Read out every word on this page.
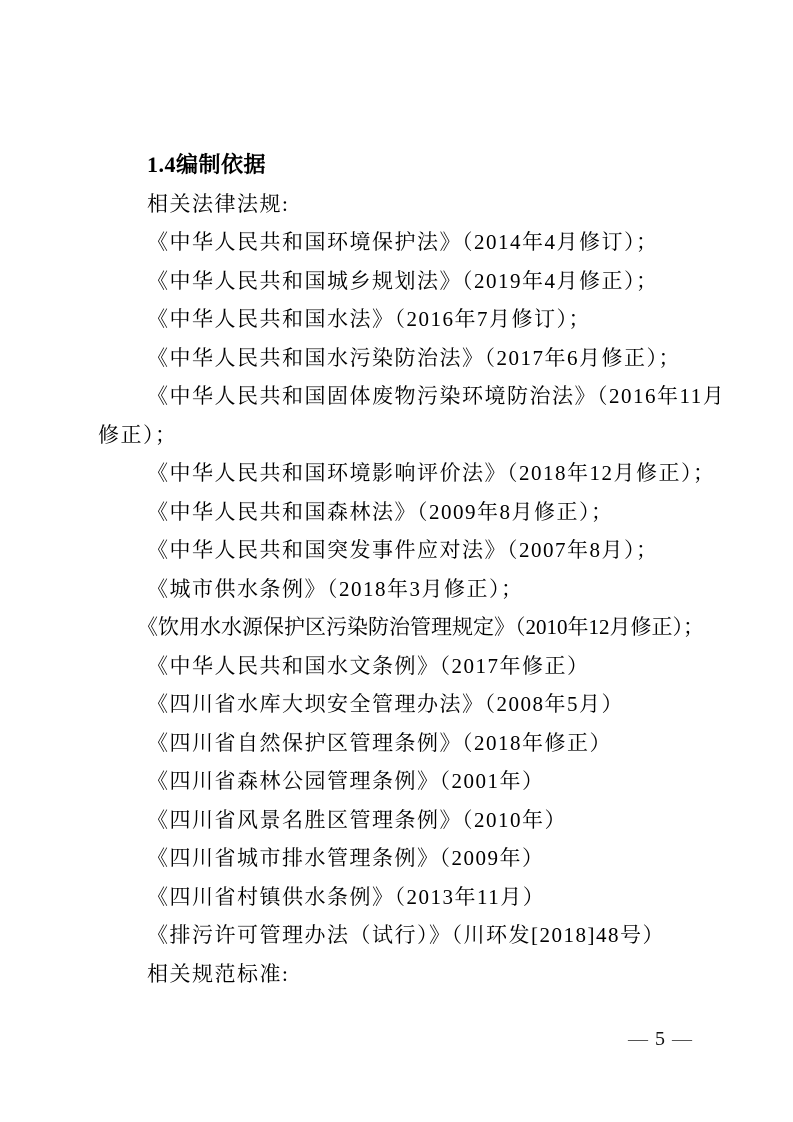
1.4编制依据
相关法律法规:
《中华人民共和国环境保护法》（2014年4月修订）；
《中华人民共和国城乡规划法》（2019年4月修正）；
《中华人民共和国水法》（2016年7月修订）；
《中华人民共和国水污染防治法》（2017年6月修正）；
《中华人民共和国固体废物污染环境防治法》（2016年11月
修正）；
《中华人民共和国环境影响评价法》（2018年12月修正）；
《中华人民共和国森林法》（2009年8月修正）；
《中华人民共和国突发事件应对法》（2007年8月）；
《城市供水条例》（2018年3月修正）；
《饮用水水源保护区污染防治管理规定》（2010年12月修正）；
《中华人民共和国水文条例》（2017年修正）
《四川省水库大坝安全管理办法》（2008年5月）
《四川省自然保护区管理条例》（2018年修正）
《四川省森林公园管理条例》（2001年）
《四川省风景名胜区管理条例》（2010年）
《四川省城市排水管理条例》（2009年）
《四川省村镇供水条例》（2013年11月）
《排污许可管理办法（试行）》（川环发[2018]48号）
相关规范标准:
— 5 —
